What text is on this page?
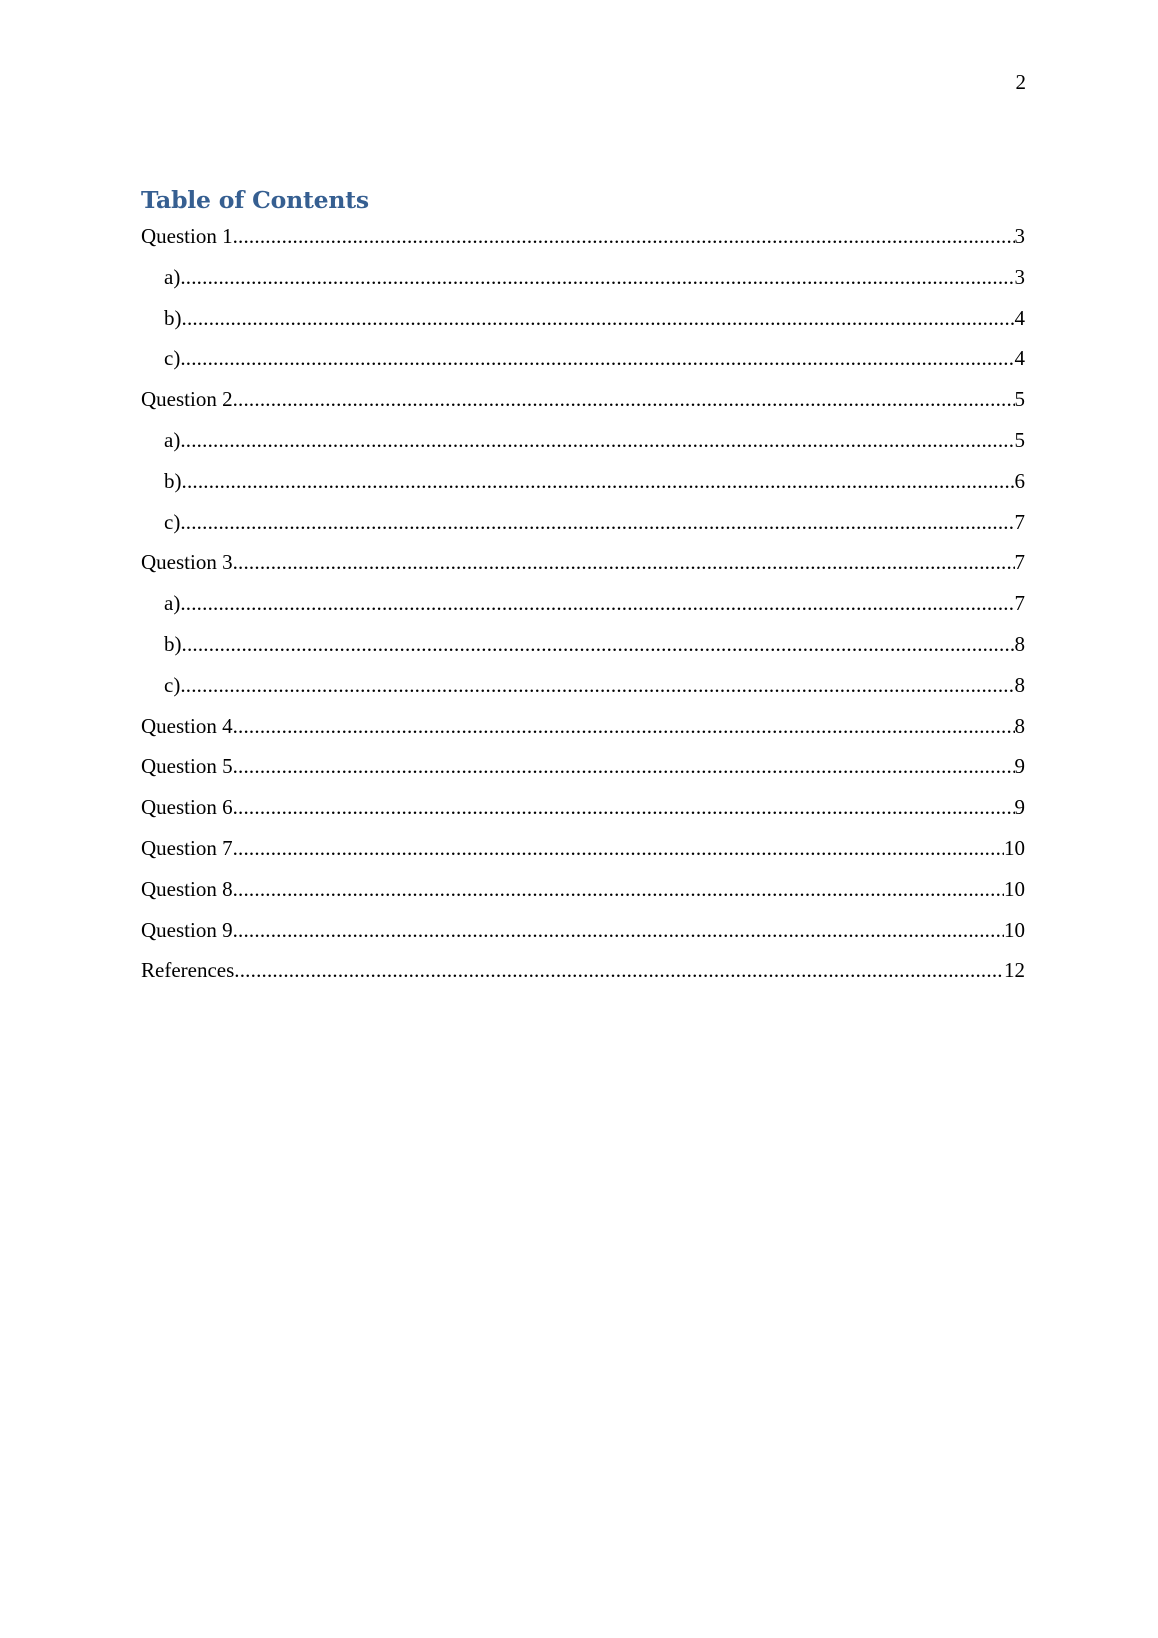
2
Table of Contents
Question 1 .....	3
a) .....	3
b) .....	4
c) .....	4
Question 2 .....	5
a) .....	5
b) .....	6
c) .....	7
Question 3 .....	7
a) .....	7
b) .....	8
c) .....	8
Question 4 .....	8
Question 5 .....	9
Question 6 .....	9
Question 7 .....	10
Question 8 .....	10
Question 9 .....	10
References .....	12
